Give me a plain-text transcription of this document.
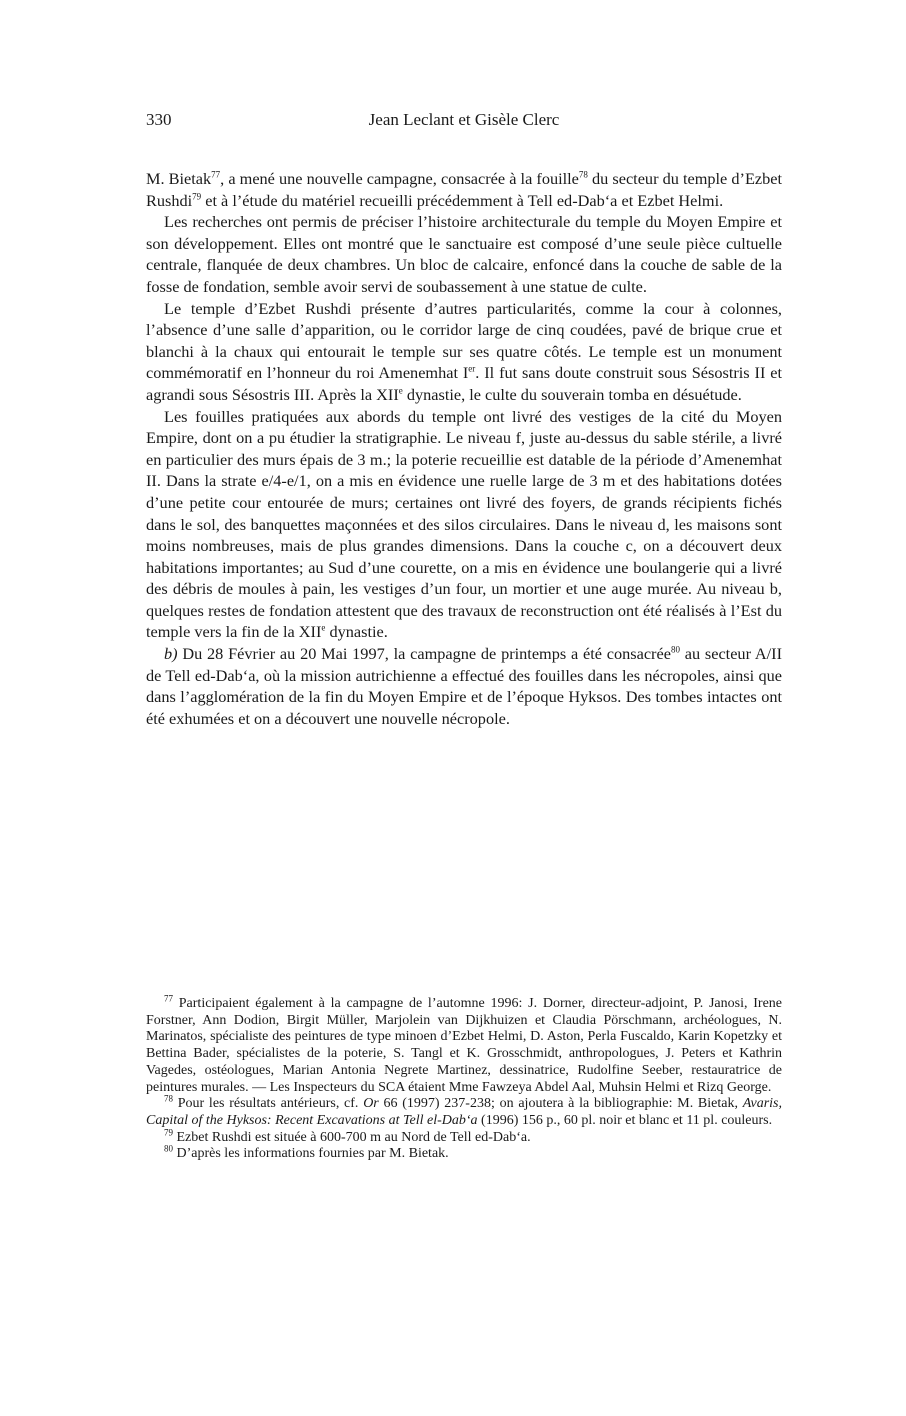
330	Jean Leclant et Gisèle Clerc

M. Bietak$^{77}$, a mené une nouvelle campagne, consacrée à la fouille$^{78}$ du secteur du temple d’Ezbet Rushdi$^{79}$ et à l’étude du matériel recueilli précédemment à Tell ed-Dab‘a et Ezbet Helmi.

Les recherches ont permis de préciser l’histoire architecturale du temple du Moyen Empire et son développement. Elles ont montré que le sanctuaire est composé d’une seule pièce cultuelle centrale, flanquée de deux chambres. Un bloc de calcaire, enfoncé dans la couche de sable de la fosse de fondation, semble avoir servi de soubassement à une statue de culte.

Le temple d’Ezbet Rushdi présente d’autres particularités, comme la cour à colonnes, l’absence d’une salle d’apparition, ou le corridor large de cinq coudées, pavé de brique crue et blanchi à la chaux qui entourait le temple sur ses quatre côtés. Le temple est un monument commémoratif en l’honneur du roi Amenemhat Ier. Il fut sans doute construit sous Sésostris II et agrandi sous Sésostris III. Après la XIIe dynastie, le culte du souverain tomba en désuétude.

Les fouilles pratiquées aux abords du temple ont livré des vestiges de la cité du Moyen Empire, dont on a pu étudier la stratigraphie. Le niveau f, juste au-dessus du sable stérile, a livré en particulier des murs épais de 3 m.; la poterie recueillie est datable de la période d’Amenemhat II. Dans la strate e/4-e/1, on a mis en évidence une ruelle large de 3 m et des habitations dotées d’une petite cour entourée de murs; certaines ont livré des foyers, de grands récipients fichés dans le sol, des banquettes maçonnées et des silos circulaires. Dans le niveau d, les maisons sont moins nombreuses, mais de plus grandes dimensions. Dans la couche c, on a découvert deux habitations importantes; au Sud d’une courette, on a mis en évidence une boulangerie qui a livré des débris de moules à pain, les vestiges d’un four, un mortier et une auge murée. Au niveau b, quelques restes de fondation attestent que des travaux de reconstruction ont été réalisés à l’Est du temple vers la fin de la XIIe dynastie.

b) Du 28 Février au 20 Mai 1997, la campagne de printemps a été consacrée$^{80}$ au secteur A/II de Tell ed-Dab‘a, où la mission autrichienne a effectué des fouilles dans les nécropoles, ainsi que dans l’agglomération de la fin du Moyen Empire et de l’époque Hyksos. Des tombes intactes ont été exhumées et on a découvert une nouvelle nécropole.

$^{77}$ Participaient également à la campagne de l’automne 1996: J. Dorner, directeur-adjoint, P. Janosi, Irene Forstner, Ann Dodion, Birgit Müller, Marjolein van Dijkhuizen et Claudia Pörschmann, archéologues, N. Marinatos, spécialiste des peintures de type minoen d’Ezbet Helmi, D. Aston, Perla Fuscaldo, Karin Kopetzky et Bettina Bader, spécialistes de la poterie, S. Tangl et K. Grosschmidt, anthropologues, J. Peters et Kathrin Vagedes, ostéologues, Marian Antonia Negrete Martinez, dessinatrice, Rudolfine Seeber, restauratrice de peintures murales. — Les Inspecteurs du SCA étaient Mme Fawzeya Abdel Aal, Muhsin Helmi et Rizq George.

$^{78}$ Pour les résultats antérieurs, cf. Or 66 (1997) 237-238; on ajoutera à la bibliographie: M. Bietak, Avaris, Capital of the Hyksos: Recent Excavations at Tell el-Dab‘a (1996) 156 p., 60 pl. noir et blanc et 11 pl. couleurs.

$^{79}$ Ezbet Rushdi est située à 600-700 m au Nord de Tell ed-Dab‘a.

$^{80}$ D’après les informations fournies par M. Bietak.
